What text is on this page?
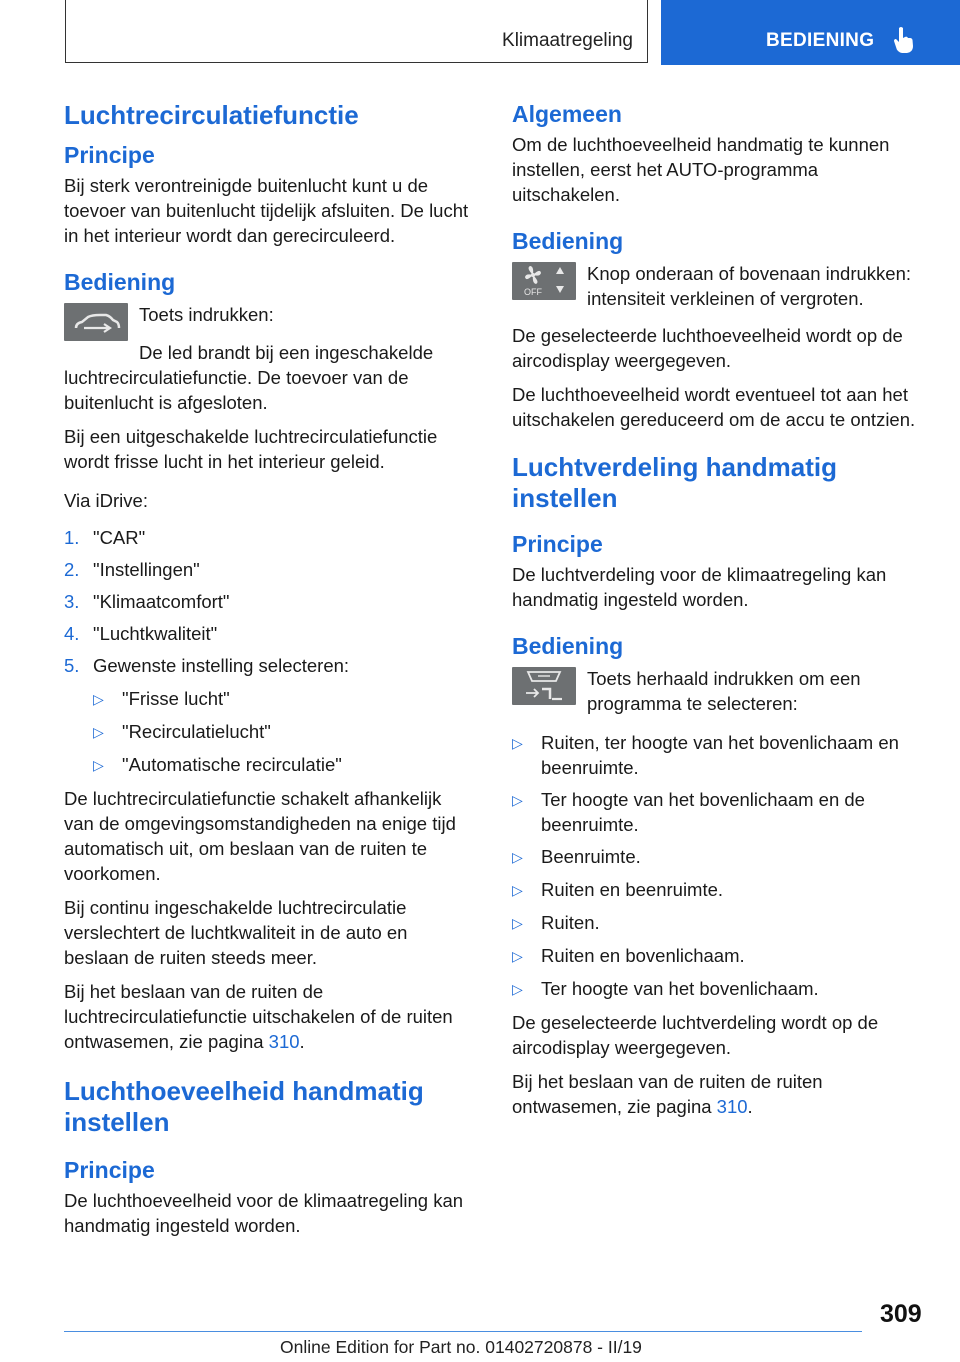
Klimaatregeling	BEDIENING
Luchtrecirculatiefunctie
Principe

Bij sterk verontreinigde buitenlucht kunt u de toevoer van buitenlucht tijdelijk afsluiten. De lucht in het interieur wordt dan gerecirculeerd.

Bediening

Toets indrukken:

De led brandt bij een ingeschakelde luchtrecirculatiefunctie. De toevoer van de buitenlucht is afgesloten.

Bij een uitgeschakelde luchtrecirculatiefunctie wordt frisse lucht in het interieur geleid.

Via iDrive:

1. "CAR"
2. "Instellingen"
3. "Klimaatcomfort"
4. "Luchtkwaliteit"
5. Gewenste instelling selecteren:
▷ "Frisse lucht"
▷ "Recirculatielucht"
▷ "Automatische recirculatie"

De luchtrecirculatiefunctie schakelt afhankelijk van de omgevingsomstandigheden na enige tijd automatisch uit, om beslaan van de ruiten te voorkomen.

Bij continu ingeschakelde luchtrecirculatie verslechtert de luchtkwaliteit in de auto en beslaan de ruiten steeds meer.

Bij het beslaan van de ruiten de luchtrecirculatiefunctie uitschakelen of de ruiten ontwasemen, zie pagina 310.

Luchthoeveelheid handmatig instellen
Principe

De luchthoeveelheid voor de klimaatregeling kan handmatig ingesteld worden.

Algemeen

Om de luchthoeveelheid handmatig te kunnen instellen, eerst het AUTO-programma uitschakelen.

Bediening
OFF

Knop onderaan of bovenaan indrukken: intensiteit verkleinen of vergroten.

De geselecteerde luchthoeveelheid wordt op de aircodisplay weergegeven.

De luchthoeveelheid wordt eventueel tot aan het uitschakelen gereduceerd om de accu te ontzien.

Luchtverdeling handmatig instellen
Principe

De luchtverdeling voor de klimaatregeling kan handmatig ingesteld worden.

Bediening

Toets herhaald indrukken om een programma te selecteren:

▷ Ruiten, ter hoogte van het bovenlichaam en beenruimte.
▷ Ter hoogte van het bovenlichaam en de beenruimte.
▷ Beenruimte.
▷ Ruiten en beenruimte.
▷ Ruiten.
▷ Ruiten en bovenlichaam.
▷ Ter hoogte van het bovenlichaam.

De geselecteerde luchtverdeling wordt op de aircodisplay weergegeven.

Bij het beslaan van de ruiten de ruiten ontwasemen, zie pagina 310.

309
Online Edition for Part no. 01402720878 - II/19
